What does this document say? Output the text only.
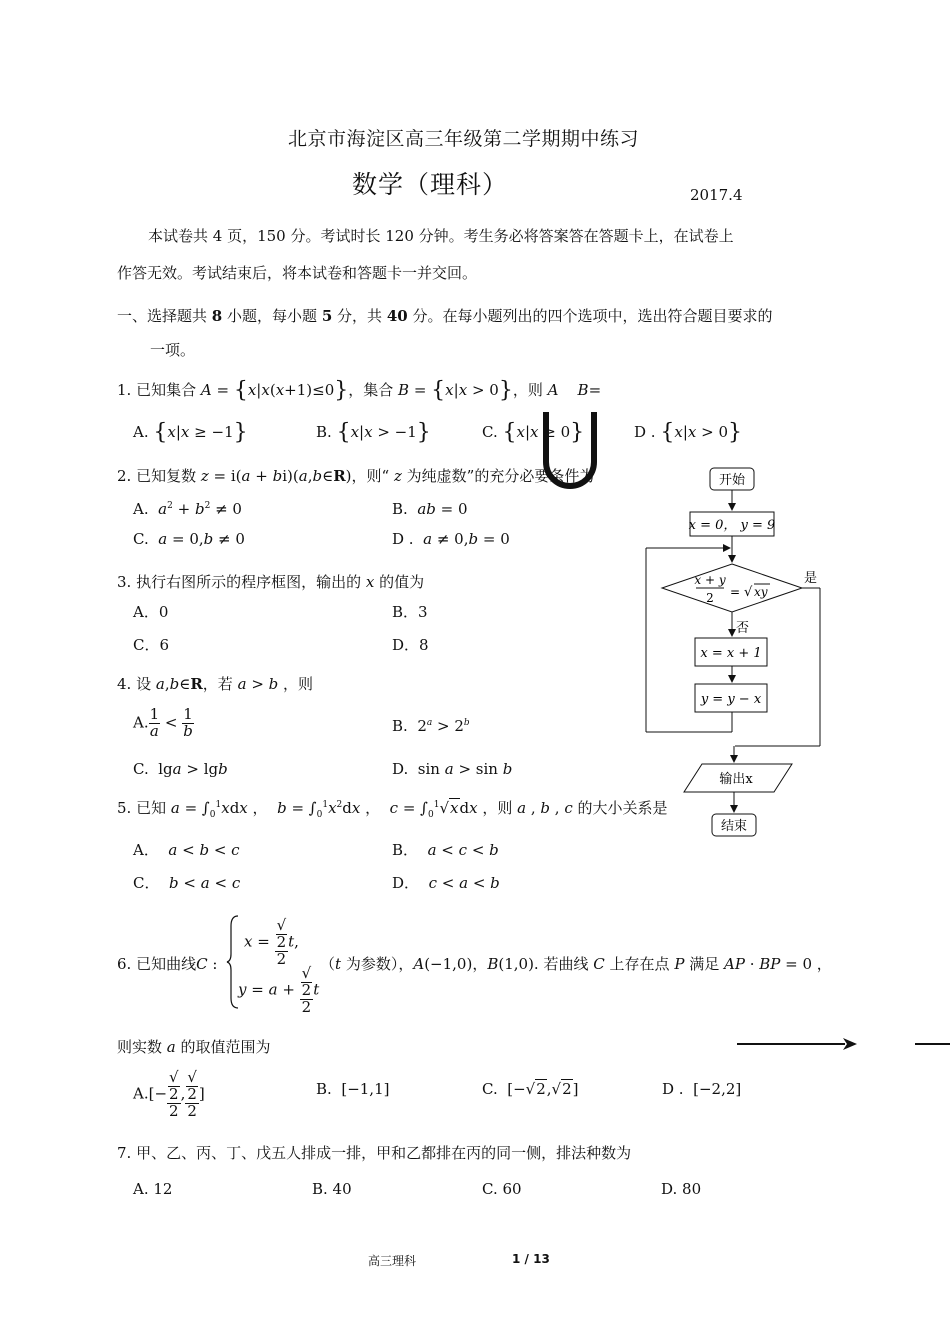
北京市海淀区高三年级第二学期期中练习
数学（理科）	2017.4
本试卷共 4 页，150 分。考试时长 120 分钟。考生务必将答案答在答题卡上，在试卷上
作答无效。考试结束后，将本试卷和答题卡一并交回。
一、选择题共 8 小题，每小题 5 分，共 40 分。在每小题列出的四个选项中，选出符合题目要求的
一项。
1. 已知集合 A = {x|x(x+1)≤0}，集合 B = {x|x > 0}，则 A B=
A. {x|x ≥ −1}	B. {x|x > −1}	C. {x|x ≥ 0}	D . {x|x > 0}
2. 已知复数 z = i(a + bi)(a,b∈R)，则“ z 为纯虚数”的充分必要条件为
A. $a^2 + b^2 \ne 0$	B. ab = 0
C. a = 0,b ≠ 0	D . a ≠ 0,b = 0
3. 执行右图所示的程序框图，输出的 x 的值为
A．0	B．3
C．6	D．8
4. 设 a,b∈R，若 a > b ，则
A. $\frac{1}{a} < \frac{1}{b}$	B.  $2^a > 2^b$
C.  lga > lgb	D.  sin a > sin b
5. 已知 $a = \int_0^1xdx$ ，  $b = \int_0^1x^2dx$ ，  $c = \int_0^1√xdx$ ，则 a , b , c 的大小关系是
A． a < b < c	B． a < c < b
C． b < a < c	D． c < a < b
6. 已知曲线C :
x = √
2
2 t,
y = a + √
2
2 t
（t 为参数），A(−1,0)，B(1,0). 若曲线 C 上存在点 P 满足 AP · BP = 0 ，
则实数 a 的取值范围为
A.[− √
2
2 , √
2
2 ]	B. [−1,1]	C.  [−√2,√2]	D . [−2,2]
7. 甲、乙、丙、丁、戊五人排成一排，甲和乙都排在丙的同一侧，排法种数为
A. 12	B. 40	C. 60	D. 80
开始
x = 0， y = 9
x + y
2 = √ xy
是
否
x = x + 1
y = y − x
输出x
结束
高三理科	1 / 13
